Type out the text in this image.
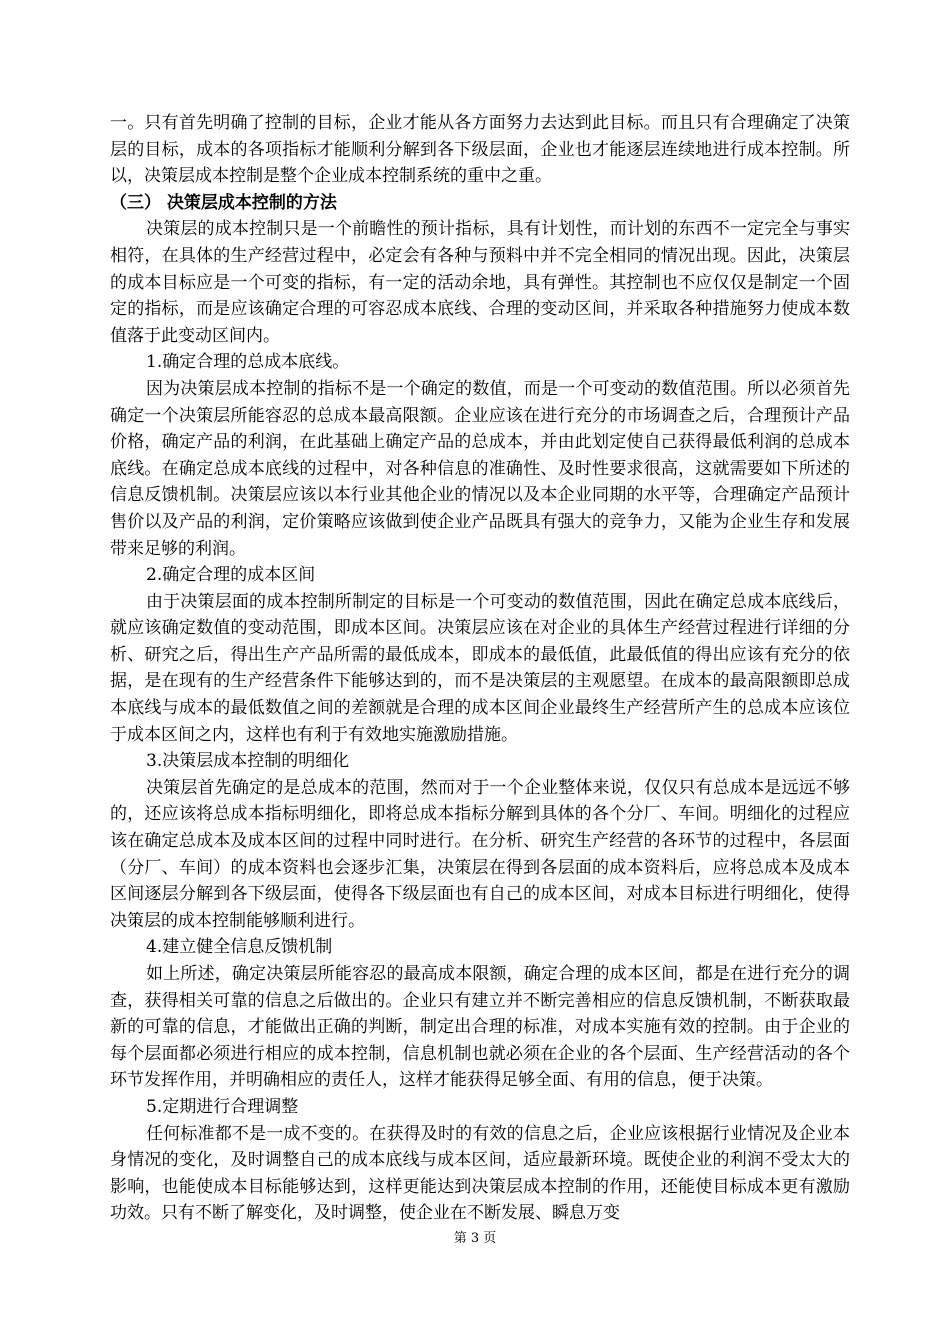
一。只有首先明确了控制的目标，企业才能从各方面努力去达到此目标。而且只有合理确定了决策层的目标，成本的各项指标才能顺利分解到各下级层面，企业也才能逐层连续地进行成本控制。所以，决策层成本控制是整个企业成本控制系统的重中之重。

（三） 决策层成本控制的方法

决策层的成本控制只是一个前瞻性的预计指标，具有计划性，而计划的东西不一定完全与事实相符，在具体的生产经营过程中，必定会有各种与预料中并不完全相同的情况出现。因此，决策层的成本目标应是一个可变的指标，有一定的活动余地，具有弹性。其控制也不应仅仅是制定一个固定的指标，而是应该确定合理的可容忍成本底线、合理的变动区间，并采取各种措施努力使成本数值落于此变动区间内。

1.确定合理的总成本底线。

因为决策层成本控制的指标不是一个确定的数值，而是一个可变动的数值范围。所以必须首先确定一个决策层所能容忍的总成本最高限额。企业应该在进行充分的市场调查之后，合理预计产品价格，确定产品的利润，在此基础上确定产品的总成本，并由此划定使自己获得最低利润的总成本底线。在确定总成本底线的过程中，对各种信息的准确性、及时性要求很高，这就需要如下所述的信息反馈机制。决策层应该以本行业其他企业的情况以及本企业同期的水平等，合理确定产品预计售价以及产品的利润，定价策略应该做到使企业产品既具有强大的竞争力，又能为企业生存和发展带来足够的利润。

2.确定合理的成本区间

由于决策层面的成本控制所制定的目标是一个可变动的数值范围，因此在确定总成本底线后，就应该确定数值的变动范围，即成本区间。决策层应该在对企业的具体生产经营过程进行详细的分析、研究之后，得出生产产品所需的最低成本，即成本的最低值，此最低值的得出应该有充分的依据，是在现有的生产经营条件下能够达到的，而不是决策层的主观愿望。在成本的最高限额即总成本底线与成本的最低数值之间的差额就是合理的成本区间企业最终生产经营所产生的总成本应该位于成本区间之内，这样也有利于有效地实施激励措施。

3.决策层成本控制的明细化

决策层首先确定的是总成本的范围，然而对于一个企业整体来说，仅仅只有总成本是远远不够的，还应该将总成本指标明细化，即将总成本指标分解到具体的各个分厂、车间。明细化的过程应该在确定总成本及成本区间的过程中同时进行。在分析、研究生产经营的各环节的过程中，各层面（分厂、车间）的成本资料也会逐步汇集，决策层在得到各层面的成本资料后，应将总成本及成本区间逐层分解到各下级层面，使得各下级层面也有自己的成本区间，对成本目标进行明细化，使得决策层的成本控制能够顺利进行。

4.建立健全信息反馈机制

如上所述，确定决策层所能容忍的最高成本限额，确定合理的成本区间，都是在进行充分的调查，获得相关可靠的信息之后做出的。企业只有建立并不断完善相应的信息反馈机制，不断获取最新的可靠的信息，才能做出正确的判断，制定出合理的标准，对成本实施有效的控制。由于企业的每个层面都必须进行相应的成本控制，信息机制也就必须在企业的各个层面、生产经营活动的各个环节发挥作用，并明确相应的责任人，这样才能获得足够全面、有用的信息，便于决策。

5.定期进行合理调整

任何标准都不是一成不变的。在获得及时的有效的信息之后，企业应该根据行业情况及企业本身情况的变化，及时调整自己的成本底线与成本区间，适应最新环境。既使企业的利润不受太大的影响，也能使成本目标能够达到，这样更能达到决策层成本控制的作用，还能使目标成本更有激励功效。只有不断了解变化，及时调整，使企业在不断发展、瞬息万变

第 3 页
